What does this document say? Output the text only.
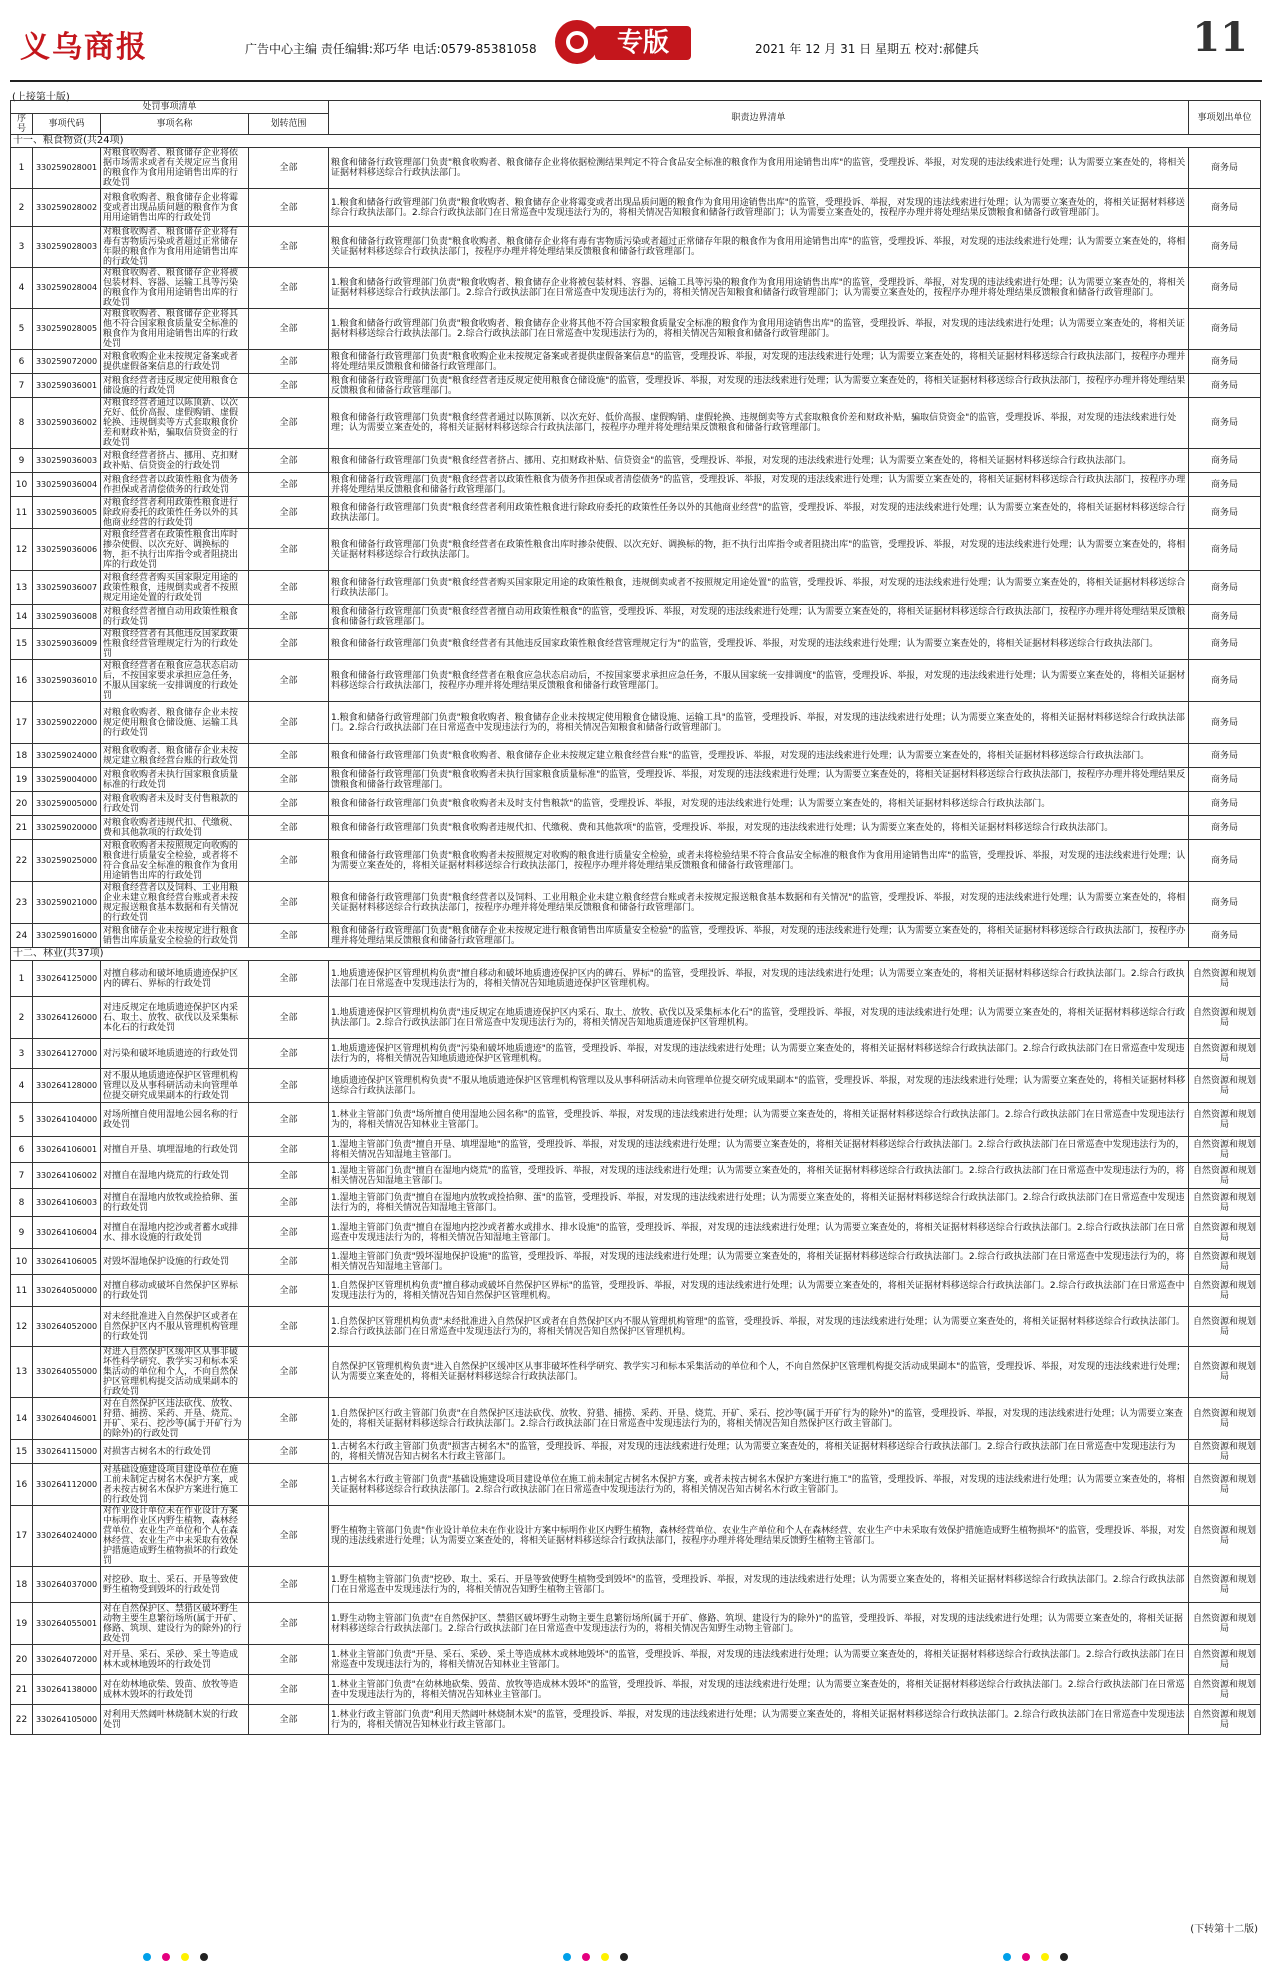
义乌商报	广告中心主编 责任编辑:郑巧华 电话:0579-85381058	专版	2021 年 12 月 31 日 星期五 校对:郝健兵	11
(上接第十版)
处罚事项清单				职责边界清单	事项划出单位
序号	事项代码	事项名称	划转范围		
十一、粮食物资(共24项)					
1	330259028001	对粮食收购者、粮食储存企业将依据市场需求或者有关规定应当食用的粮食作为食用用途销售出库的行政处罚	全部	粮食和储备行政管理部门负责"粮食收购者、粮食储存企业将依据检测结果判定不符合食品安全标准的粮食作为食用用途销售出库"的监管，受理投诉、举报，对发现的违法线索进行处理；认为需要立案查处的，将相关证据材料移送综合行政执法部门。	商务局
2	330259028002	对粮食收购者、粮食储存企业将霉变或者出现品质问题的粮食作为食用用途销售出库的行政处罚	全部	1.粮食和储备行政管理部门负责"粮食收购者、粮食储存企业将霉变或者出现品质问题的粮食作为食用用途销售出库"的监管，受理投诉、举报，对发现的违法线索进行处理；认为需要立案查处的，将相关证据材料移送综合行政执法部门。2.综合行政执法部门在日常巡查中发现违法行为的，将相关情况告知粮食和储备行政管理部门；认为需要立案查处的，按程序办理并将处理结果反馈粮食和储备行政管理部门。	商务局
3	330259028003	对粮食收购者、粮食储存企业将有毒有害物质污染或者超过正常储存年限的粮食作为食用用途销售出库的行政处罚	全部	粮食和储备行政管理部门负责"粮食收购者、粮食储存企业将有毒有害物质污染或者超过正常储存年限的粮食作为食用用途销售出库"的监管，受理投诉、举报，对发现的违法线索进行处理；认为需要立案查处的，将相关证据材料移送综合行政执法部门，按程序办理并将处理结果反馈粮食和储备行政管理部门。	商务局
4	330259028004	对粮食收购者、粮食储存企业将被包装材料、容器、运输工具等污染的粮食作为食用用途销售出库的行政处罚	全部	1.粮食和储备行政管理部门负责"粮食收购者、粮食储存企业将被包装材料、容器、运输工具等污染的粮食作为食用用途销售出库"的监管，受理投诉、举报，对发现的违法线索进行处理；认为需要立案查处的，将相关证据材料移送综合行政执法部门。2.综合行政执法部门在日常巡查中发现违法行为的，将相关情况告知粮食和储备行政管理部门；认为需要立案查处的，按程序办理并将处理结果反馈粮食和储备行政管理部门。	商务局
5	330259028005	对粮食收购者、粮食储存企业将其他不符合国家粮食质量安全标准的粮食作为食用用途销售出库的行政处罚	全部	1.粮食和储备行政管理部门负责"粮食收购者、粮食储存企业将其他不符合国家粮食质量安全标准的粮食作为食用用途销售出库"的监管，受理投诉、举报，对发现的违法线索进行处理；认为需要立案查处的，将相关证据材料移送综合行政执法部门。2.综合行政执法部门在日常巡查中发现违法行为的，将相关情况告知粮食和储备行政管理部门。	商务局
6	330259072000	对粮食收购企业未按规定备案或者提供虚假备案信息的行政处罚	全部	粮食和储备行政管理部门负责"粮食收购企业未按规定备案或者提供虚假备案信息"的监管，受理投诉、举报，对发现的违法线索进行处理；认为需要立案查处的，将相关证据材料移送综合行政执法部门，按程序办理并将处理结果反馈粮食和储备行政管理部门。	商务局
7	330259036001	对粮食经营者违反规定使用粮食仓储设施的行政处罚	全部	粮食和储备行政管理部门负责"粮食经营者违反规定使用粮食仓储设施"的监管，受理投诉、举报，对发现的违法线索进行处理；认为需要立案查处的，将相关证据材料移送综合行政执法部门，按程序办理并将处理结果反馈粮食和储备行政管理部门。	商务局
8	330259036002	对粮食经营者通过以陈顶新、以次充好、低价高报、虚假购销、虚假轮换、违规倒卖等方式套取粮食价差和财政补贴，骗取信贷资金的行政处罚	全部	粮食和储备行政管理部门负责"粮食经营者通过以陈顶新、以次充好、低价高报、虚假购销、虚假轮换、违规倒卖等方式套取粮食价差和财政补贴，骗取信贷资金"的监管，受理投诉、举报，对发现的违法线索进行处理；认为需要立案查处的，将相关证据材料移送综合行政执法部门，按程序办理并将处理结果反馈粮食和储备行政管理部门。	商务局
9	330259036003	对粮食经营者挤占、挪用、克扣财政补贴、信贷资金的行政处罚	全部	粮食和储备行政管理部门负责"粮食经营者挤占、挪用、克扣财政补贴、信贷资金"的监管，受理投诉、举报，对发现的违法线索进行处理；认为需要立案查处的，将相关证据材料移送综合行政执法部门。	商务局
10	330259036004	对粮食经营者以政策性粮食为债务作担保或者清偿债务的行政处罚	全部	粮食和储备行政管理部门负责"粮食经营者以政策性粮食为债务作担保或者清偿债务"的监管，受理投诉、举报，对发现的违法线索进行处理；认为需要立案查处的，将相关证据材料移送综合行政执法部门，按程序办理并将处理结果反馈粮食和储备行政管理部门。	商务局
11	330259036005	对粮食经营者利用政策性粮食进行除政府委托的政策性任务以外的其他商业经营的行政处罚	全部	粮食和储备行政管理部门负责"粮食经营者利用政策性粮食进行除政府委托的政策性任务以外的其他商业经营"的监管，受理投诉、举报，对发现的违法线索进行处理；认为需要立案查处的，将相关证据材料移送综合行政执法部门。	商务局
12	330259036006	对粮食经营者在政策性粮食出库时掺杂使假、以次充好、调换标的物，拒不执行出库指令或者阻挠出库的行政处罚	全部	粮食和储备行政管理部门负责"粮食经营者在政策性粮食出库时掺杂使假、以次充好、调换标的物，拒不执行出库指令或者阻挠出库"的监管，受理投诉、举报，对发现的违法线索进行处理；认为需要立案查处的，将相关证据材料移送综合行政执法部门。	商务局
13	330259036007	对粮食经营者购买国家限定用途的政策性粮食，违规倒卖或者不按照规定用途处置的行政处罚	全部	粮食和储备行政管理部门负责"粮食经营者购买国家限定用途的政策性粮食，违规倒卖或者不按照规定用途处置"的监管，受理投诉、举报，对发现的违法线索进行处理；认为需要立案查处的，将相关证据材料移送综合行政执法部门。	商务局
14	330259036008	对粮食经营者擅自动用政策性粮食的行政处罚	全部	粮食和储备行政管理部门负责"粮食经营者擅自动用政策性粮食"的监管，受理投诉、举报，对发现的违法线索进行处理；认为需要立案查处的，将相关证据材料移送综合行政执法部门，按程序办理并将处理结果反馈粮食和储备行政管理部门。	商务局
15	330259036009	对粮食经营者有其他违反国家政策性粮食经营管理规定行为的行政处罚	全部	粮食和储备行政管理部门负责"粮食经营者有其他违反国家政策性粮食经营管理规定行为"的监管，受理投诉、举报，对发现的违法线索进行处理；认为需要立案查处的，将相关证据材料移送综合行政执法部门。	商务局
16	330259036010	对粮食经营者在粮食应急状态启动后，不按国家要求承担应急任务，不服从国家统一安排调度的行政处罚	全部	粮食和储备行政管理部门负责"粮食经营者在粮食应急状态启动后，不按国家要求承担应急任务，不服从国家统一安排调度"的监管，受理投诉、举报，对发现的违法线索进行处理；认为需要立案查处的，将相关证据材料移送综合行政执法部门，按程序办理并将处理结果反馈粮食和储备行政管理部门。	商务局
17	330259022000	对粮食收购者、粮食储存企业未按规定使用粮食仓储设施、运输工具的行政处罚	全部	1.粮食和储备行政管理部门负责"粮食收购者、粮食储存企业未按规定使用粮食仓储设施、运输工具"的监管，受理投诉、举报，对发现的违法线索进行处理；认为需要立案查处的，将相关证据材料移送综合行政执法部门。2.综合行政执法部门在日常巡查中发现违法行为的，将相关情况告知粮食和储备行政管理部门。	商务局
18	330259024000	对粮食收购者、粮食储存企业未按规定建立粮食经营台账的行政处罚	全部	粮食和储备行政管理部门负责"粮食收购者、粮食储存企业未按规定建立粮食经营台账"的监管，受理投诉、举报，对发现的违法线索进行处理；认为需要立案查处的，将相关证据材料移送综合行政执法部门。	商务局
19	330259004000	对粮食收购者未执行国家粮食质量标准的行政处罚	全部	粮食和储备行政管理部门负责"粮食收购者未执行国家粮食质量标准"的监管，受理投诉、举报，对发现的违法线索进行处理；认为需要立案查处的，将相关证据材料移送综合行政执法部门，按程序办理并将处理结果反馈粮食和储备行政管理部门。	商务局
20	330259005000	对粮食收购者未及时支付售粮款的行政处罚	全部	粮食和储备行政管理部门负责"粮食收购者未及时支付售粮款"的监管，受理投诉、举报，对发现的违法线索进行处理；认为需要立案查处的，将相关证据材料移送综合行政执法部门。	商务局
21	330259020000	对粮食收购者违规代扣、代缴税、费和其他款项的行政处罚	全部	粮食和储备行政管理部门负责"粮食收购者违规代扣、代缴税、费和其他款项"的监管，受理投诉、举报，对发现的违法线索进行处理；认为需要立案查处的，将相关证据材料移送综合行政执法部门。	商务局
22	330259025000	对粮食收购者未按照规定向收购的粮食进行质量安全检验，或者将不符合食品安全标准的粮食作为食用用途销售出库的行政处罚	全部	粮食和储备行政管理部门负责"粮食收购者未按照规定对收购的粮食进行质量安全检验，或者未将检验结果不符合食品安全标准的粮食作为食用用途销售出库"的监管，受理投诉、举报，对发现的违法线索进行处理；认为需要立案查处的，将相关证据材料移送综合行政执法部门，按程序办理并将处理结果反馈粮食和储备行政管理部门。	商务局
23	330259021000	对粮食经营者以及饲料、工业用粮企业未建立粮食经营台账或者未按规定报送粮食基本数据和有关情况的行政处罚	全部	粮食和储备行政管理部门负责"粮食经营者以及饲料、工业用粮企业未建立粮食经营台账或者未按规定报送粮食基本数据和有关情况"的监管，受理投诉、举报，对发现的违法线索进行处理；认为需要立案查处的，将相关证据材料移送综合行政执法部门，按程序办理并将处理结果反馈粮食和储备行政管理部门。	商务局
24	330259016000	对粮食储存企业未按规定进行粮食销售出库质量安全检验的行政处罚	全部	粮食和储备行政管理部门负责"粮食储存企业未按规定进行粮食销售出库质量安全检验"的监管，受理投诉、举报，对发现的违法线索进行处理；认为需要立案查处的，将相关证据材料移送综合行政执法部门，按程序办理并将处理结果反馈粮食和储备行政管理部门。	商务局
十二、林业(共37项)					
1	330264125000	对擅自移动和破坏地质遗迹保护区内的碑石、界标的行政处罚	全部	1.地质遗迹保护区管理机构负责"擅自移动和破坏地质遗迹保护区内的碑石、界标"的监管，受理投诉、举报，对发现的违法线索进行处理；认为需要立案查处的，将相关证据材料移送综合行政执法部门。2.综合行政执法部门在日常巡查中发现违法行为的，将相关情况告知地质遗迹保护区管理机构。	自然资源和规划局
2	330264126000	对违反规定在地质遗迹保护区内采石、取土、放牧、砍伐以及采集标本化石的行政处罚	全部	1.地质遗迹保护区管理机构负责"违反规定在地质遗迹保护区内采石、取土、放牧、砍伐以及采集标本化石"的监管，受理投诉、举报，对发现的违法线索进行处理；认为需要立案查处的，将相关证据材料移送综合行政执法部门。2.综合行政执法部门在日常巡查中发现违法行为的，将相关情况告知地质遗迹保护区管理机构。	自然资源和规划局
3	330264127000	对污染和破坏地质遗迹的行政处罚	全部	1.地质遗迹保护区管理机构负责"污染和破坏地质遗迹"的监管，受理投诉、举报，对发现的违法线索进行处理；认为需要立案查处的，将相关证据材料移送综合行政执法部门。2.综合行政执法部门在日常巡查中发现违法行为的，将相关情况告知地质遗迹保护区管理机构。	自然资源和规划局
4	330264128000	对不服从地质遗迹保护区管理机构管理以及从事科研活动未向管理单位提交研究成果副本的行政处罚	全部	地质遗迹保护区管理机构负责"不服从地质遗迹保护区管理机构管理以及从事科研活动未向管理单位提交研究成果副本"的监管，受理投诉、举报，对发现的违法线索进行处理；认为需要立案查处的，将相关证据材料移送综合行政执法部门。	自然资源和规划局
5	330264104000	对场所擅自使用湿地公园名称的行政处罚	全部	1.林业主管部门负责"场所擅自使用湿地公园名称"的监管，受理投诉、举报，对发现的违法线索进行处理；认为需要立案查处的，将相关证据材料移送综合行政执法部门。2.综合行政执法部门在日常巡查中发现违法行为的，将相关情况告知林业主管部门。	自然资源和规划局
6	330264106001	对擅自开垦、填埋湿地的行政处罚	全部	1.湿地主管部门负责"擅自开垦、填埋湿地"的监管，受理投诉、举报，对发现的违法线索进行处理；认为需要立案查处的，将相关证据材料移送综合行政执法部门。2.综合行政执法部门在日常巡查中发现违法行为的，将相关情况告知湿地主管部门。	自然资源和规划局
7	330264106002	对擅自在湿地内烧荒的行政处罚	全部	1.湿地主管部门负责"擅自在湿地内烧荒"的监管，受理投诉、举报，对发现的违法线索进行处理；认为需要立案查处的，将相关证据材料移送综合行政执法部门。2.综合行政执法部门在日常巡查中发现违法行为的，将相关情况告知湿地主管部门。	自然资源和规划局
8	330264106003	对擅自在湿地内放牧或捡拾卵、蛋的行政处罚	全部	1.湿地主管部门负责"擅自在湿地内放牧或捡拾卵、蛋"的监管，受理投诉、举报，对发现的违法线索进行处理；认为需要立案查处的，将相关证据材料移送综合行政执法部门。2.综合行政执法部门在日常巡查中发现违法行为的，将相关情况告知湿地主管部门。	自然资源和规划局
9	330264106004	对擅自在湿地内挖沙或者蓄水或排水、排水设施的行政处罚	全部	1.湿地主管部门负责"擅自在湿地内挖沙或者蓄水或排水、排水设施"的监管，受理投诉、举报，对发现的违法线索进行处理；认为需要立案查处的，将相关证据材料移送综合行政执法部门。2.综合行政执法部门在日常巡查中发现违法行为的，将相关情况告知湿地主管部门。	自然资源和规划局
10	330264106005	对毁坏湿地保护设施的行政处罚	全部	1.湿地主管部门负责"毁坏湿地保护设施"的监管，受理投诉、举报，对发现的违法线索进行处理；认为需要立案查处的，将相关证据材料移送综合行政执法部门。2.综合行政执法部门在日常巡查中发现违法行为的，将相关情况告知湿地主管部门。	自然资源和规划局
11	330264050000	对擅自移动或破坏自然保护区界标的行政处罚	全部	1.自然保护区管理机构负责"擅自移动或破坏自然保护区界标"的监管，受理投诉、举报，对发现的违法线索进行处理；认为需要立案查处的，将相关证据材料移送综合行政执法部门。2.综合行政执法部门在日常巡查中发现违法行为的，将相关情况告知自然保护区管理机构。	自然资源和规划局
12	330264052000	对未经批准进入自然保护区或者在自然保护区内不服从管理机构管理的行政处罚	全部	1.自然保护区管理机构负责"未经批准进入自然保护区或者在自然保护区内不服从管理机构管理"的监管，受理投诉、举报，对发现的违法线索进行处理；认为需要立案查处的，将相关证据材料移送综合行政执法部门。2.综合行政执法部门在日常巡查中发现违法行为的，将相关情况告知自然保护区管理机构。	自然资源和规划局
13	330264055000	对进入自然保护区缓冲区从事非破坏性科学研究、教学实习和标本采集活动的单位和个人，不向自然保护区管理机构提交活动成果副本的行政处罚	全部	自然保护区管理机构负责"进入自然保护区缓冲区从事非破坏性科学研究、教学实习和标本采集活动的单位和个人，不向自然保护区管理机构提交活动成果副本"的监管，受理投诉、举报，对发现的违法线索进行处理；认为需要立案查处的，将相关证据材料移送综合行政执法部门。	自然资源和规划局
14	330264046001	对在自然保护区违法砍伐、放牧、狩猎、捕捞、采药、开垦、烧荒、开矿、采石、挖沙等(属于开矿行为的除外)的行政处罚	全部	1.自然保护区行政主管部门负责"在自然保护区违法砍伐、放牧、狩猎、捕捞、采药、开垦、烧荒、开矿、采石、挖沙等(属于开矿行为的除外)"的监管，受理投诉、举报，对发现的违法线索进行处理；认为需要立案查处的，将相关证据材料移送综合行政执法部门。2.综合行政执法部门在日常巡查中发现违法行为的，将相关情况告知自然保护区行政主管部门。	自然资源和规划局
15	330264115000	对损害古树名木的行政处罚	全部	1.古树名木行政主管部门负责"损害古树名木"的监管，受理投诉、举报，对发现的违法线索进行处理；认为需要立案查处的，将相关证据材料移送综合行政执法部门。2.综合行政执法部门在日常巡查中发现违法行为的，将相关情况告知古树名木行政主管部门。	自然资源和规划局
16	330264112000	对基础设施建设项目建设单位在施工前未制定古树名木保护方案，或者未按古树名木保护方案进行施工的行政处罚	全部	1.古树名木行政主管部门负责"基础设施建设项目建设单位在施工前未制定古树名木保护方案，或者未按古树名木保护方案进行施工"的监管，受理投诉、举报，对发现的违法线索进行处理；认为需要立案查处的，将相关证据材料移送综合行政执法部门。2.综合行政执法部门在日常巡查中发现违法行为的，将相关情况告知古树名木行政主管部门。	自然资源和规划局
17	330264024000	对作业设计单位未在作业设计方案中标明作业区内野生植物，森林经营单位、农业生产单位和个人在森林经营、农业生产中未采取有效保护措施造成野生植物损坏的行政处罚	全部	野生植物主管部门负责"作业设计单位未在作业设计方案中标明作业区内野生植物，森林经营单位、农业生产单位和个人在森林经营、农业生产中未采取有效保护措施造成野生植物损坏"的监管，受理投诉、举报，对发现的违法线索进行处理；认为需要立案查处的，将相关证据材料移送综合行政执法部门，按程序办理并将处理结果反馈野生植物主管部门。	自然资源和规划局
18	330264037000	对挖砂、取土、采石、开垦等致使野生植物受到毁坏的行政处罚	全部	1.野生植物主管部门负责"挖砂、取土、采石、开垦等致使野生植物受到毁坏"的监管，受理投诉、举报，对发现的违法线索进行处理；认为需要立案查处的，将相关证据材料移送综合行政执法部门。2.综合行政执法部门在日常巡查中发现违法行为的，将相关情况告知野生植物主管部门。	自然资源和规划局
19	330264055001	对在自然保护区、禁猎区破坏野生动物主要生息繁衍场所(属于开矿、修路、筑坝、建设行为的除外)的行政处罚	全部	1.野生动物主管部门负责"在自然保护区、禁猎区破坏野生动物主要生息繁衍场所(属于开矿、修路、筑坝、建设行为的除外)"的监管，受理投诉、举报，对发现的违法线索进行处理；认为需要立案查处的，将相关证据材料移送综合行政执法部门。2.综合行政执法部门在日常巡查中发现违法行为的，将相关情况告知野生动物主管部门。	自然资源和规划局
20	330264072000	对开垦、采石、采砂、采土等造成林木或林地毁坏的行政处罚	全部	1.林业主管部门负责"开垦、采石、采砂、采土等造成林木或林地毁坏"的监管，受理投诉、举报，对发现的违法线索进行处理；认为需要立案查处的，将相关证据材料移送综合行政执法部门。2.综合行政执法部门在日常巡查中发现违法行为的，将相关情况告知林业主管部门。	自然资源和规划局
21	330264138000	对在幼林地砍柴、毁苗、放牧等造成林木毁坏的行政处罚	全部	1.林业主管部门负责"在幼林地砍柴、毁苗、放牧等造成林木毁坏"的监管，受理投诉、举报，对发现的违法线索进行处理；认为需要立案查处的，将相关证据材料移送综合行政执法部门。2.综合行政执法部门在日常巡查中发现违法行为的，将相关情况告知林业主管部门。	自然资源和规划局
22	330264105000	对利用天然阔叶林烧制木炭的行政处罚	全部	1.林业行政主管部门负责"利用天然阔叶林烧制木炭"的监管，受理投诉、举报，对发现的违法线索进行处理；认为需要立案查处的，将相关证据材料移送综合行政执法部门。2.综合行政执法部门在日常巡查中发现违法行为的，将相关情况告知林业行政主管部门。	自然资源和规划局
(下转第十二版)
